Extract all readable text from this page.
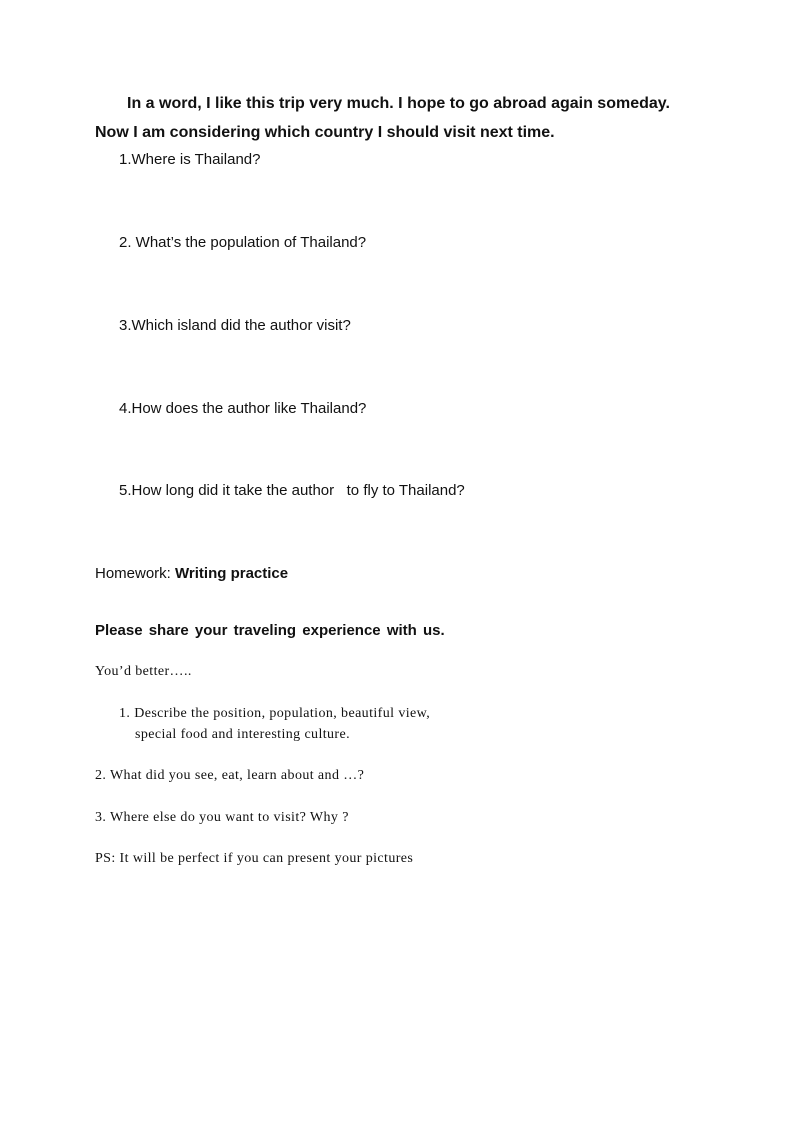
In a word, I like this trip very much. I hope to go abroad again someday.

Now I am considering which country I should visit next time.

1.Where is Thailand?

2. What’s the population of Thailand?

3.Which island did the author visit?

4.How does the author like Thailand?

5.How long did it take the author   to fly to Thailand?

Homework: Writing practice

Please share your traveling experience with us.

You’d better…..

1. Describe the position, population, beautiful view,

special food and interesting culture.

2. What did you see, eat, learn about and …?

3. Where else do you want to visit? Why ?

PS: It will be perfect if you can present your pictures
